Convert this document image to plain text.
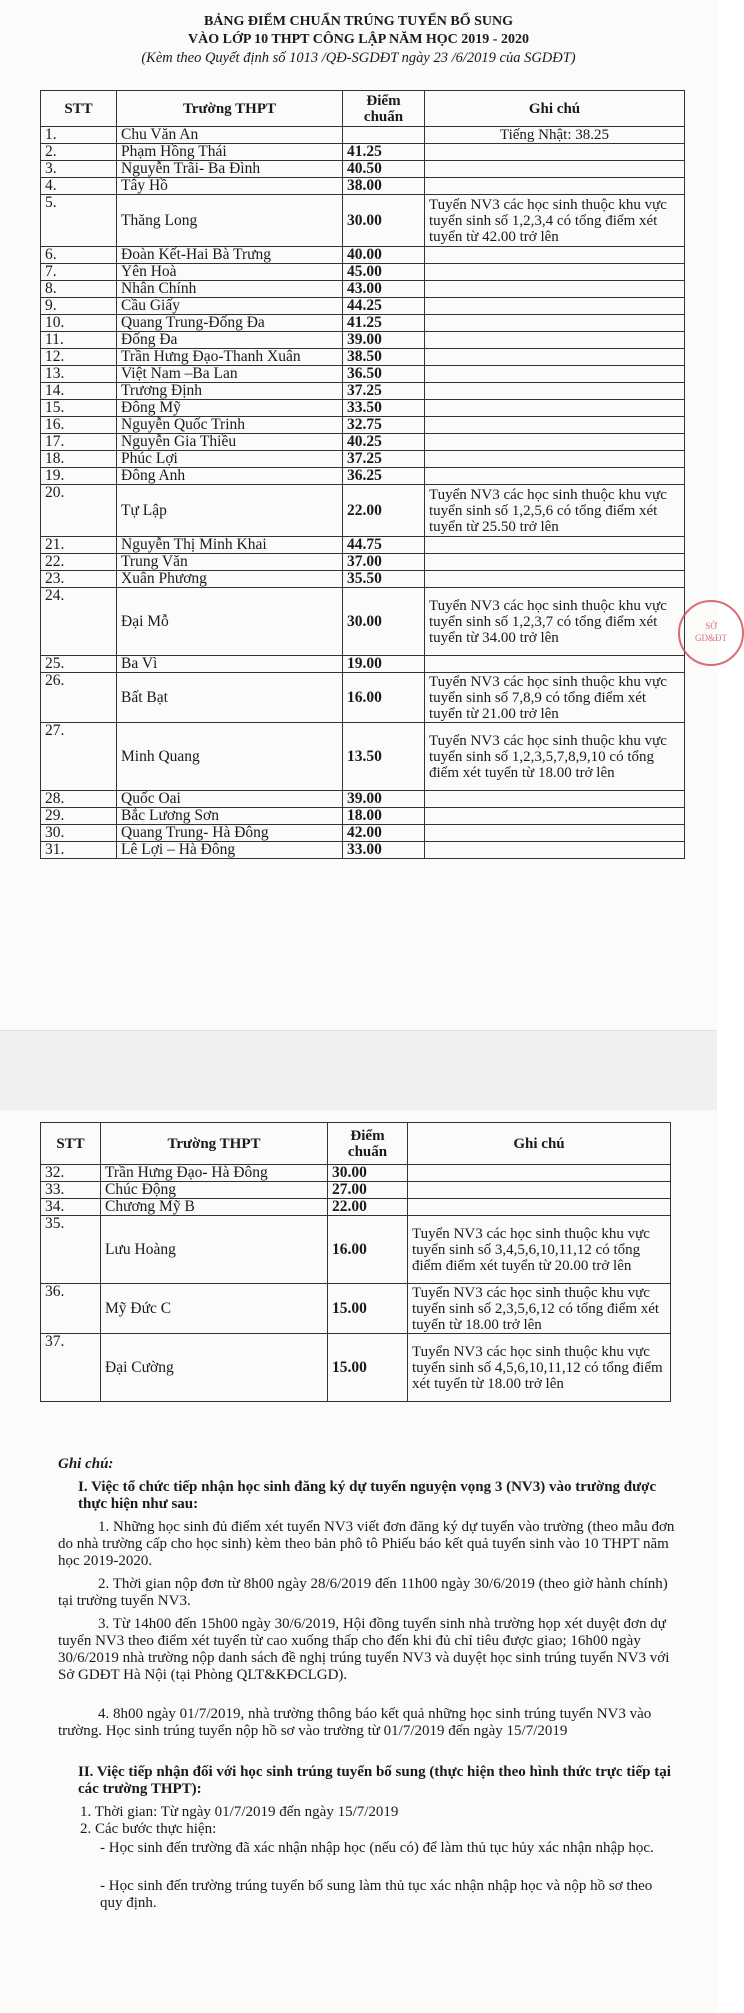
BẢNG ĐIỂM CHUẨN TRÚNG TUYỂN BỔ SUNG
VÀO LỚP 10 THPT CÔNG LẬP NĂM HỌC 2019 - 2020
(Kèm theo Quyết định số 1013 /QĐ-SGDĐT ngày 23 /6/2019 của SGDĐT)
STT	Trường THPT	Điểm chuẩn	Ghi chú
1.	Chu Văn An		Tiếng Nhật: 38.25
2.	Phạm Hồng Thái	41.25	
3.	Nguyễn Trãi- Ba Đình	40.50	
4.	Tây Hồ	38.00	
5.	Thăng Long	30.00	Tuyển NV3 các học sinh thuộc khu vực tuyển sinh số 1,2,3,4 có tổng điểm xét tuyển từ 42.00 trở lên
6.	Đoàn Kết-Hai Bà Trưng	40.00	
7.	Yên Hoà	45.00	
8.	Nhân Chính	43.00	
9.	Cầu Giấy	44.25	
10.	Quang Trung-Đống Đa	41.25	
11.	Đống Đa	39.00	
12.	Trần Hưng Đạo-Thanh Xuân	38.50	
13.	Việt Nam –Ba Lan	36.50	
14.	Trương Định	37.25	
15.	Đông Mỹ	33.50	
16.	Nguyễn Quốc Trinh	32.75	
17.	Nguyễn Gia Thiều	40.25	
18.	Phúc Lợi	37.25	
19.	Đông Anh	36.25	
20.	Tự Lập	22.00	Tuyển NV3 các học sinh thuộc khu vực tuyển sinh số 1,2,5,6 có tổng điểm xét tuyển từ 25.50 trở lên
21.	Nguyễn Thị Minh Khai	44.75	
22.	Trung Văn	37.00	
23.	Xuân Phương	35.50	
24.	Đại Mỗ	30.00	Tuyển NV3 các học sinh thuộc khu vực tuyển sinh số 1,2,3,7 có tổng điểm xét tuyển từ 34.00 trở lên
25.	Ba Vì	19.00	
26.	Bất Bạt	16.00	Tuyển NV3 các học sinh thuộc khu vực tuyển sinh số 7,8,9 có tổng điểm xét tuyển từ 21.00 trở lên
27.	Minh Quang	13.50	Tuyển NV3 các học sinh thuộc khu vực tuyển sinh số 1,2,3,5,7,8,9,10 có tổng điểm xét tuyển từ 18.00 trở lên
28.	Quốc Oai	39.00	
29.	Bắc Lương Sơn	18.00	
30.	Quang Trung- Hà Đông	42.00	
31.	Lê Lợi – Hà Đông	33.00	
SỞ
GD&ĐT
STT	Trường THPT	Điểm chuẩn	Ghi chú
32.	Trần Hưng Đạo- Hà Đông	30.00	
33.	Chúc Động	27.00	
34.	Chương Mỹ B	22.00	
35.	Lưu Hoàng	16.00	Tuyển NV3 các học sinh thuộc khu vực tuyển sinh số 3,4,5,6,10,11,12 có tổng điểm điểm xét tuyển từ 20.00 trở lên
36.	Mỹ Đức C	15.00	Tuyển NV3 các học sinh thuộc khu vực tuyển sinh số 2,3,5,6,12 có tổng điểm xét tuyển từ 18.00 trở lên
37.	Đại Cường	15.00	Tuyển NV3 các học sinh thuộc khu vực tuyển sinh số 4,5,6,10,11,12 có tổng điểm xét tuyển từ 18.00 trở lên
Ghi chú:
I. Việc tổ chức tiếp nhận học sinh đăng ký dự tuyển nguyện vọng 3 (NV3) vào trường được thực hiện như sau:
1. Những học sinh đủ điểm xét tuyển NV3 viết đơn đăng ký dự tuyển vào trường (theo mẫu đơn do nhà trường cấp cho học sinh) kèm theo bản phô tô Phiếu báo kết quả tuyển sinh vào 10 THPT năm học 2019-2020.
2. Thời gian nộp đơn từ 8h00 ngày 28/6/2019 đến 11h00 ngày 30/6/2019 (theo giờ hành chính) tại trường tuyển NV3.
3. Từ 14h00 đến 15h00 ngày 30/6/2019, Hội đồng tuyển sinh nhà trường họp xét duyệt đơn dự tuyển NV3 theo điểm xét tuyển từ cao xuống thấp cho đến khi đủ chỉ tiêu được giao; 16h00 ngày 30/6/2019 nhà trường nộp danh sách đề nghị trúng tuyển NV3 và duyệt học sinh trúng tuyển NV3 với Sở GDĐT Hà Nội (tại Phòng QLT&KĐCLGD).
4. 8h00 ngày 01/7/2019, nhà trường thông báo kết quả những học sinh trúng tuyển NV3 vào trường. Học sinh trúng tuyển nộp hồ sơ vào trường từ 01/7/2019 đến ngày 15/7/2019
II. Việc tiếp nhận đối với học sinh trúng tuyển bổ sung (thực hiện theo hình thức trực tiếp tại các trường THPT):
1. Thời gian: Từ ngày 01/7/2019 đến ngày 15/7/2019
2. Các bước thực hiện:
- Học sinh đến trường đã xác nhận nhập học (nếu có) để làm thủ tục hủy xác nhận nhập học.
- Học sinh đến trường trúng tuyển bổ sung làm thủ tục xác nhận nhập học và nộp hồ sơ theo quy định.
